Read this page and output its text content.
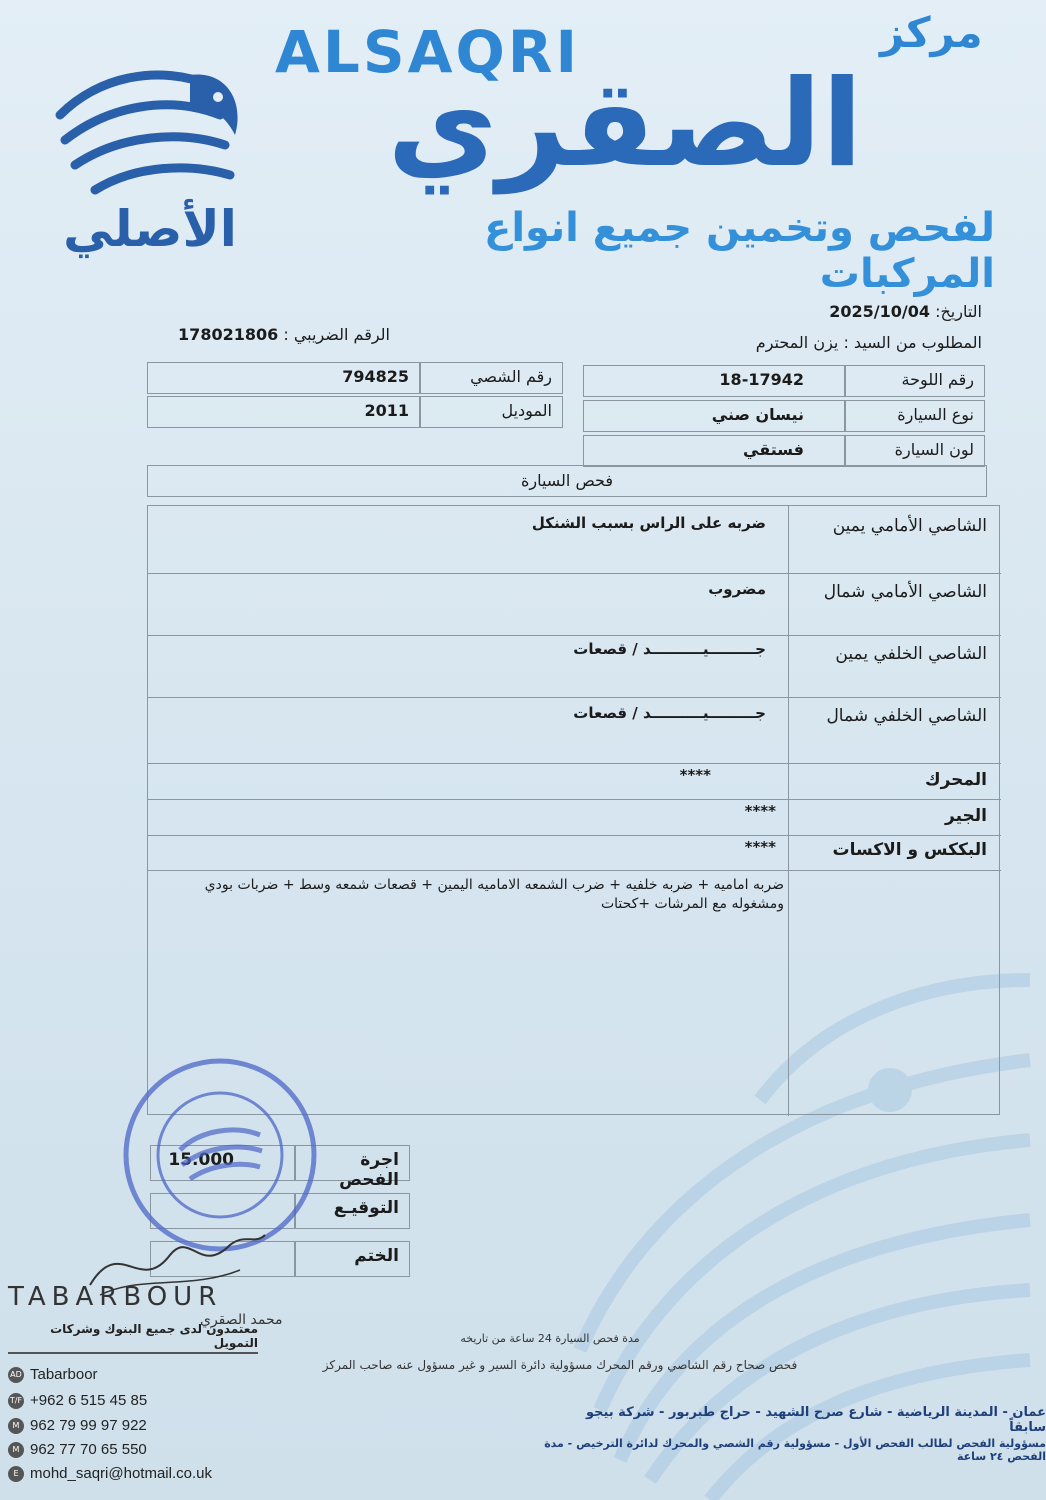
ALSAQRI	مركز
الصقري
لفحص وتخمين جميع انواع المركبات
الأصلي
التاريخ: 2025/10/04
المطلوب من السيد : يزن المحترم
الرقم الضريبي : 178021806
رقم اللوحة
18-17942
نوع السيارة
نيسان صني
لون السيارة
فستقي
رقم الشصي
794825
الموديل
2011
فحص السيارة
الشاصي الأمامي يمين
ضربه على الراس بسبب الشنكل
الشاصي الأمامي شمال
مضروب
الشاصي الخلفي يمين
جـــــــــيــــــــــد / قصعات
الشاصي الخلفي شمال
جـــــــــيــــــــــد / قصعات
المحرك
****
الجير
****
البككس و الاكسات
****
ضربه اماميه + ضربه خلفيه + ضرب الشمعه الاماميه اليمين + قصعات شمعه وسط + ضربات بودي ومشغوله مع المرشات +كحتات
اجرة الفحص
15.000
التوقيـع
الختم
TABARBOUR
معتمدون لدى جميع البنوك وشركات التمويل
محمد الصقري
AD Tabarboor
T/F +962 6 515 45 85
M 962 79 99 97 922
M 962 77 70 65 550
E mohd_saqri@hotmail.co.uk
مدة فحص السيارة 24 ساعة من تاريخه
فحص صحاح رقم الشاصي ورقم المحرك مسؤولية دائرة السير و غير مسؤول عنه صاحب المركز
عمان - المدينة الرياضية - شارع صرح الشهيد - حراج طبربور - شركة بيجو سابقاً
مسؤولية الفحص لطالب الفحص الأول - مسؤولية رقم الشصي والمحرك لدائرة الترخيص - مدة الفحص ٢٤ ساعة
